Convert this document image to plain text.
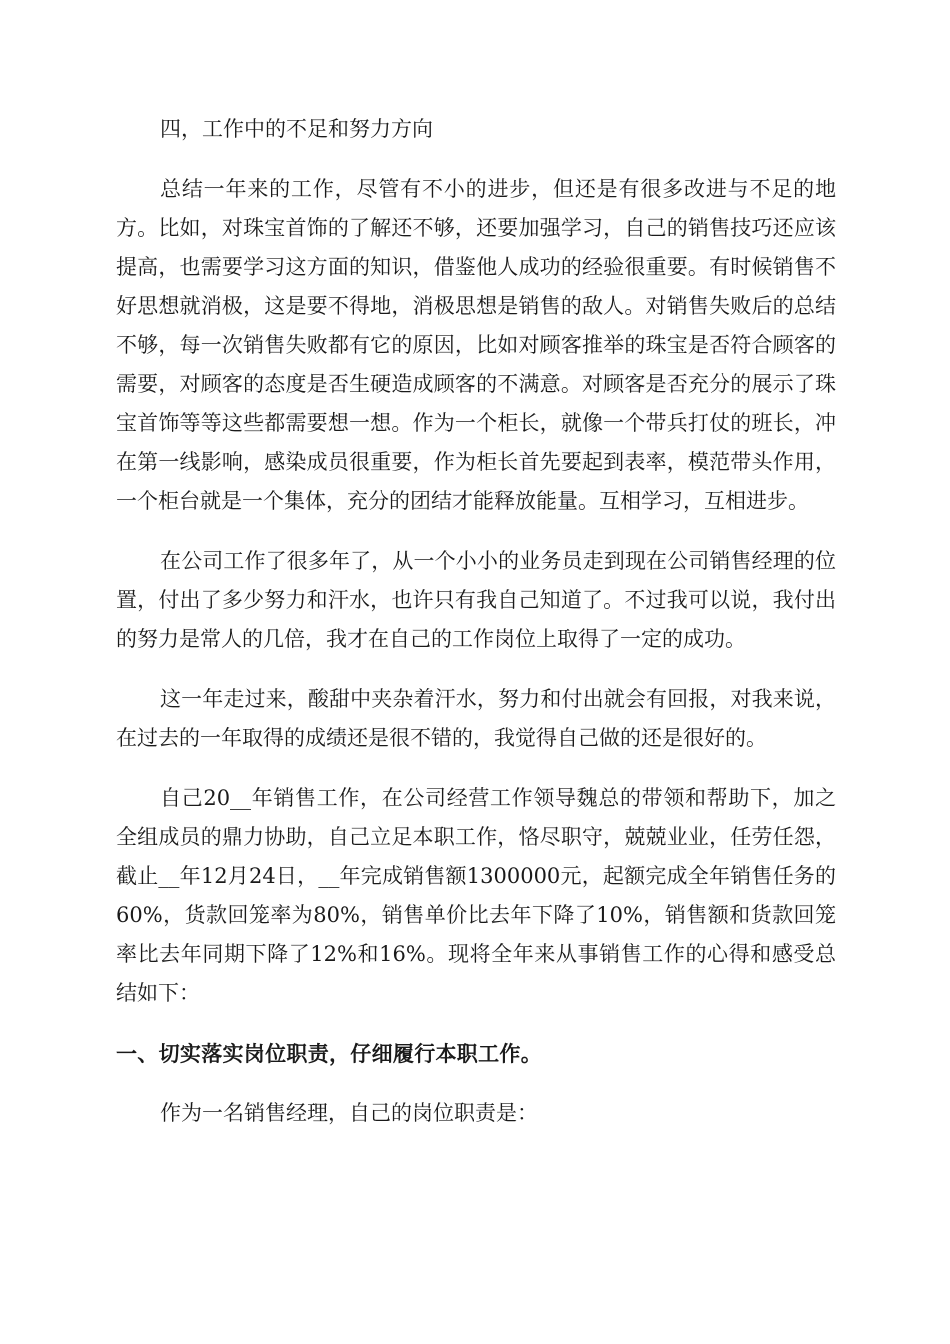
四，工作中的不足和努力方向

总结一年来的工作，尽管有不小的进步，但还是有很多改进与不足的地方。比如，对珠宝首饰的了解还不够，还要加强学习，自己的销售技巧还应该提高，也需要学习这方面的知识，借鉴他人成功的经验很重要。有时候销售不好思想就消极，这是要不得地，消极思想是销售的敌人。对销售失败后的总结不够，每一次销售失败都有它的原因，比如对顾客推举的珠宝是否符合顾客的需要，对顾客的态度是否生硬造成顾客的不满意。对顾客是否充分的展示了珠宝首饰等等这些都需要想一想。作为一个柜长，就像一个带兵打仗的班长，冲在第一线影响，感染成员很重要，作为柜长首先要起到表率，模范带头作用，一个柜台就是一个集体，充分的团结才能释放能量。互相学习，互相进步。

在公司工作了很多年了，从一个小小的业务员走到现在公司销售经理的位置，付出了多少努力和汗水，也许只有我自己知道了。不过我可以说，我付出的努力是常人的几倍，我才在自己的工作岗位上取得了一定的成功。

这一年走过来，酸甜中夹杂着汗水，努力和付出就会有回报，对我来说，在过去的一年取得的成绩还是很不错的，我觉得自己做的还是很好的。

自己20__年销售工作，在公司经营工作领导魏总的带领和帮助下，加之全组成员的鼎力协助，自己立足本职工作，恪尽职守，兢兢业业，任劳任怨，截止__年12月24日，__年完成销售额1300000元，起额完成全年销售任务的60%，货款回笼率为80%，销售单价比去年下降了10%，销售额和货款回笼率比去年同期下降了12%和16%。现将全年来从事销售工作的心得和感受总结如下：

一、切实落实岗位职责，仔细履行本职工作。

作为一名销售经理，自己的岗位职责是：
